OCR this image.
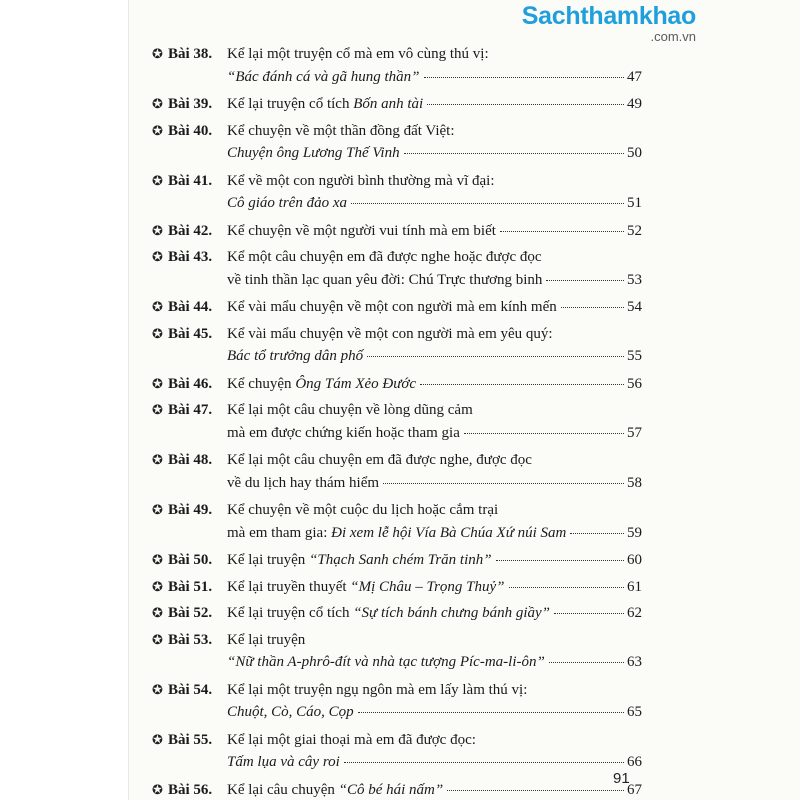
Sachthamkhao
.com.vn
✪ Bài 38. Kể lại một truyện cổ mà em vô cùng thú vị:
“Bác đánh cá và gã hung thần”	47
✪ Bài 39. Kể lại truyện cổ tích Bốn anh tài	49
✪ Bài 40. Kể chuyện về một thần đồng đất Việt:
Chuyện ông Lương Thế Vinh	50
✪ Bài 41. Kể về một con người bình thường mà vĩ đại:
Cô giáo trên đảo xa	51
✪ Bài 42. Kể chuyện về một người vui tính mà em biết	52
✪ Bài 43. Kể một câu chuyện em đã được nghe hoặc được đọc
về tinh thần lạc quan yêu đời: Chú Trực thương binh	53
✪ Bài 44. Kể vài mẩu chuyện về một con người mà em kính mến	54
✪ Bài 45. Kể vài mẩu chuyện về một con người mà em yêu quý:
Bác tổ trưởng dân phố	55
✪ Bài 46. Kể chuyện Ông Tám Xẻo Đước	56
✪ Bài 47. Kể lại một câu chuyện về lòng dũng cảm
mà em được chứng kiến hoặc tham gia	57
✪ Bài 48. Kể lại một câu chuyện em đã được nghe, được đọc
về du lịch hay thám hiểm	58
✪ Bài 49. Kể chuyện về một cuộc du lịch hoặc cắm trại
mà em tham gia: Đi xem lễ hội Vía Bà Chúa Xứ núi Sam	59
✪ Bài 50. Kể lại truyện “Thạch Sanh chém Trăn tinh”	60
✪ Bài 51. Kể lại truyền thuyết “Mị Châu – Trọng Thuỷ”	61
✪ Bài 52. Kể lại truyện cổ tích “Sự tích bánh chưng bánh giầy”	62
✪ Bài 53. Kể lại truyện
“Nữ thần A-phrô-đít và nhà tạc tượng Píc-ma-li-ôn”	63
✪ Bài 54. Kể lại một truyện ngụ ngôn mà em lấy làm thú vị:
Chuột, Cò, Cáo, Cọp	65
✪ Bài 55. Kể lại một giai thoại mà em đã được đọc:
Tấm lụa và cây roi	66
✪ Bài 56. Kể lại câu chuyện “Cô bé hái nấm”	67
91
